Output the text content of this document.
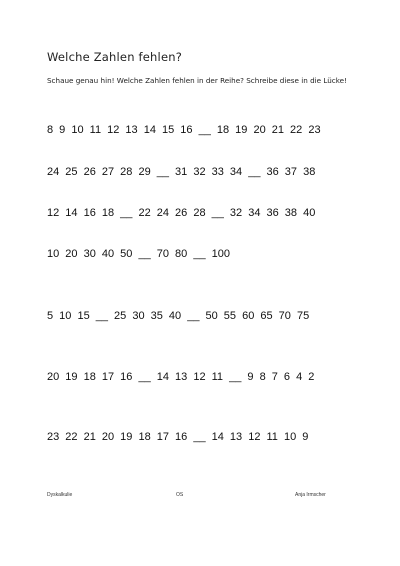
Welche Zahlen fehlen?

Schaue genau hin! Welche Zahlen fehlen in der Reihe? Schreibe diese in die Lücke!

8 9 10 11 12 13 14 15 16 __ 18 19 20 21 22 23
24 25 26 27 28 29 __ 31 32 33 34 __ 36 37 38
12 14 16 18 __ 22 24 26 28 __ 32 34 36 38 40
10 20 30 40 50 __ 70 80 __ 100
5 10 15 __ 25 30 35 40 __ 50 55 60 65 70 75
20 19 18 17 16 __ 14 13 12 11 __ 9 8 7 6 4 2
23 22 21 20 19 18 17 16 __ 14 13 12 11 10 9
Dyskalkulie	OS	Anja Irmscher
